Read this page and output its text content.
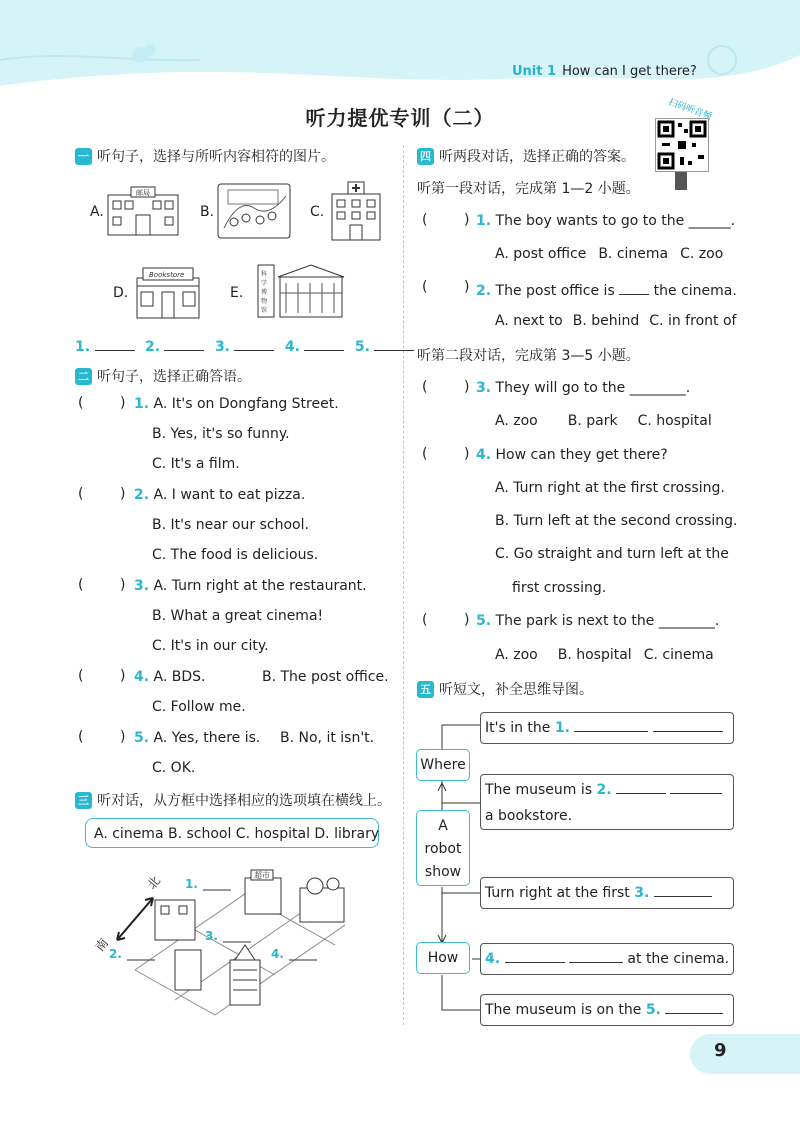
Unit 1 How can I get there?
听力提优专训（二）	扫码听音频
一 听句子，选择与所听内容相符的图片。
A.
邮局
B.	C.
D.
Bookstore
E.
科
学
博
物
馆
1.	2.	3.	4.	5.
二 听句子，选择正确答语。
(	) 1. A. It's on Dongfang Street.
B. Yes, it's so funny.
C. It's a film.
(	) 2. A. I want to eat pizza.
B. It's near our school.
C. The food is delicious.
(	) 3. A. Turn right at the restaurant.
B. What a great cinema!
C. It's in our city.
(	) 4. A. BDS.	B. The post office.
C. Follow me.
(	) 5. A. Yes, there is. B. No, it isn't.
C. OK.
三 听对话，从方框中选择相应的选项填在横线上。
A. cinema B. school C. hospital D. library
北
南
超市
1.
2.
3.
4.
四 听两段对话，选择正确的答案。
听第一段对话，完成第 1—2 小题。
(	) 1. The boy wants to go to the ______.
A. post office B. cinema C. zoo
(	) 2. The post office is	the cinema.
A. next to B. behind C. in front of
听第二段对话，完成第 3—5 小题。
(	) 3. They will go to the ________.
A. zoo B. park C. hospital
(	) 4. How can they get there?
A. Turn right at the first crossing.
B. Turn left at the second crossing.
C. Go straight and turn left at the
first crossing.
(	) 5. The park is next to the ________.
A. zoo B. hospital C. cinema
五 听短文，补全思维导图。
Where
A
robot
show
How
It's in the 1.
The museum is 2.
a bookstore.
Turn right at the first 3.
4.	at the cinema.
The museum is on the 5.
9
